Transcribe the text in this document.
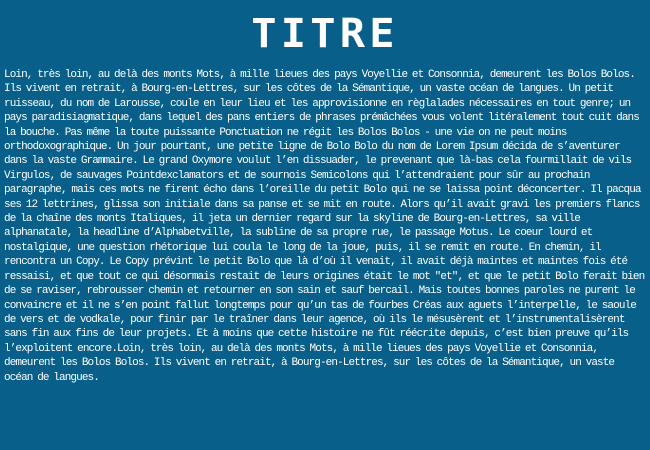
TITRE

Loin, très loin, au delà des monts Mots, à mille lieues des pays Voyellie et Consonnia, demeurent les Bolos Bolos. Ils vivent en retrait, à Bourg-en-Lettres, sur les côtes de la Sémantique, un vaste océan de langues. Un petit ruisseau, du nom de Larousse, coule en leur lieu et les approvisionne en règlalades nécessaires en tout genre; un pays paradisiagmatique, dans lequel des pans entiers de phrases prémâchées vous volent litéralement tout cuit dans la bouche. Pas même la toute puissante Ponctuation ne régit les Bolos Bolos - une vie on ne peut moins orthodoxographique. Un jour pourtant, une petite ligne de Bolo Bolo du nom de Lorem Ipsum décida de s’aventurer dans la vaste Grammaire. Le grand Oxymore voulut l’en dissuader, le prevenant que là-bas cela fourmillait de vils Virgulos, de sauvages Pointdexclamators et de sournois Semicolons qui l’attendraient pour sûr au prochain paragraphe, mais ces mots ne firent écho dans l’oreille du petit Bolo qui ne se laissa point déconcerter. Il pacqua ses 12 lettrines, glissa son initiale dans sa panse et se mit en route. Alors qu’il avait gravi les premiers flancs de la chaîne des monts Italiques, il jeta un dernier regard sur la skyline de Bourg-en-Lettres, sa ville alphanatale, la headline d’Alphabetville, la subline de sa propre rue, le passage Motus. Le coeur lourd et nostalgique, une question rhétorique lui coula le long de la joue, puis, il se remit en route. En chemin, il rencontra un Copy. Le Copy prévint le petit Bolo que là d’où il venait, il avait déjà maintes et maintes fois été ressaisi, et que tout ce qui désormais restait de leurs origines était le mot "et", et que le petit Bolo ferait bien de se raviser, rebrousser chemin et retourner en son sain et sauf bercail. Mais toutes bonnes paroles ne purent le convaincre et il ne s’en point fallut longtemps pour qu’un tas de fourbes Créas aux aguets l’interpelle, le saoule de vers et de vodkale, pour finir par le traîner dans leur agence, où ils le mésusèrent et l’instrumentalisèrent sans fin aux fins de leur projets. Et à moins que cette histoire ne fût réécrite depuis, c’est bien preuve qu’ils l’exploitent encore.Loin, très loin, au delà des monts Mots, à mille lieues des pays Voyellie et Consonnia, demeurent les Bolos Bolos. Ils vivent en retrait, à Bourg-en-Lettres, sur les côtes de la Sémantique, un vaste océan de langues.
